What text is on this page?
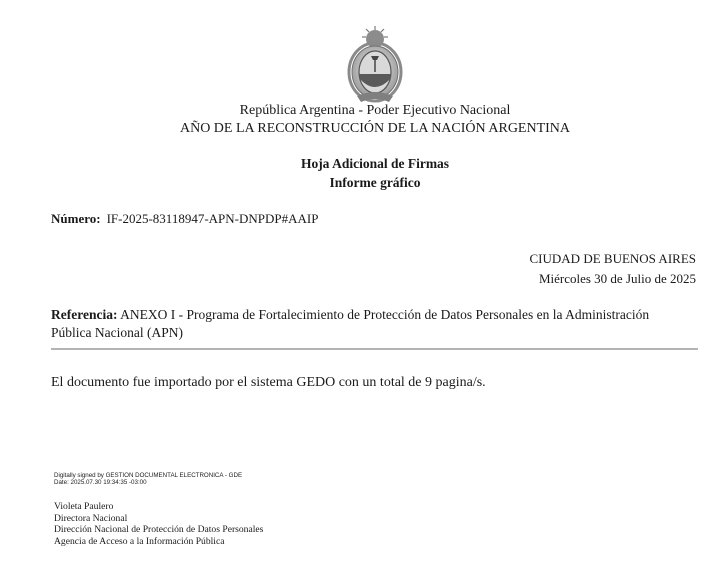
República Argentina - Poder Ejecutivo Nacional
AÑO DE LA RECONSTRUCCIÓN DE LA NACIÓN ARGENTINA
Hoja Adicional de Firmas
Informe gráfico
Número: IF-2025-83118947-APN-DNPDP#AAIP
CIUDAD DE BUENOS AIRES
Miércoles 30 de Julio de 2025
Referencia: ANEXO I - Programa de Fortalecimiento de Protección de Datos Personales en la Administración Pública Nacional (APN)
El documento fue importado por el sistema GEDO con un total de 9 pagina/s.
Digitally signed by GESTION DOCUMENTAL ELECTRONICA - GDE
Date: 2025.07.30 19:34:35 -03:00
Violeta Paulero
Directora Nacional
Dirección Nacional de Protección de Datos Personales
Agencia de Acceso a la Información Pública
